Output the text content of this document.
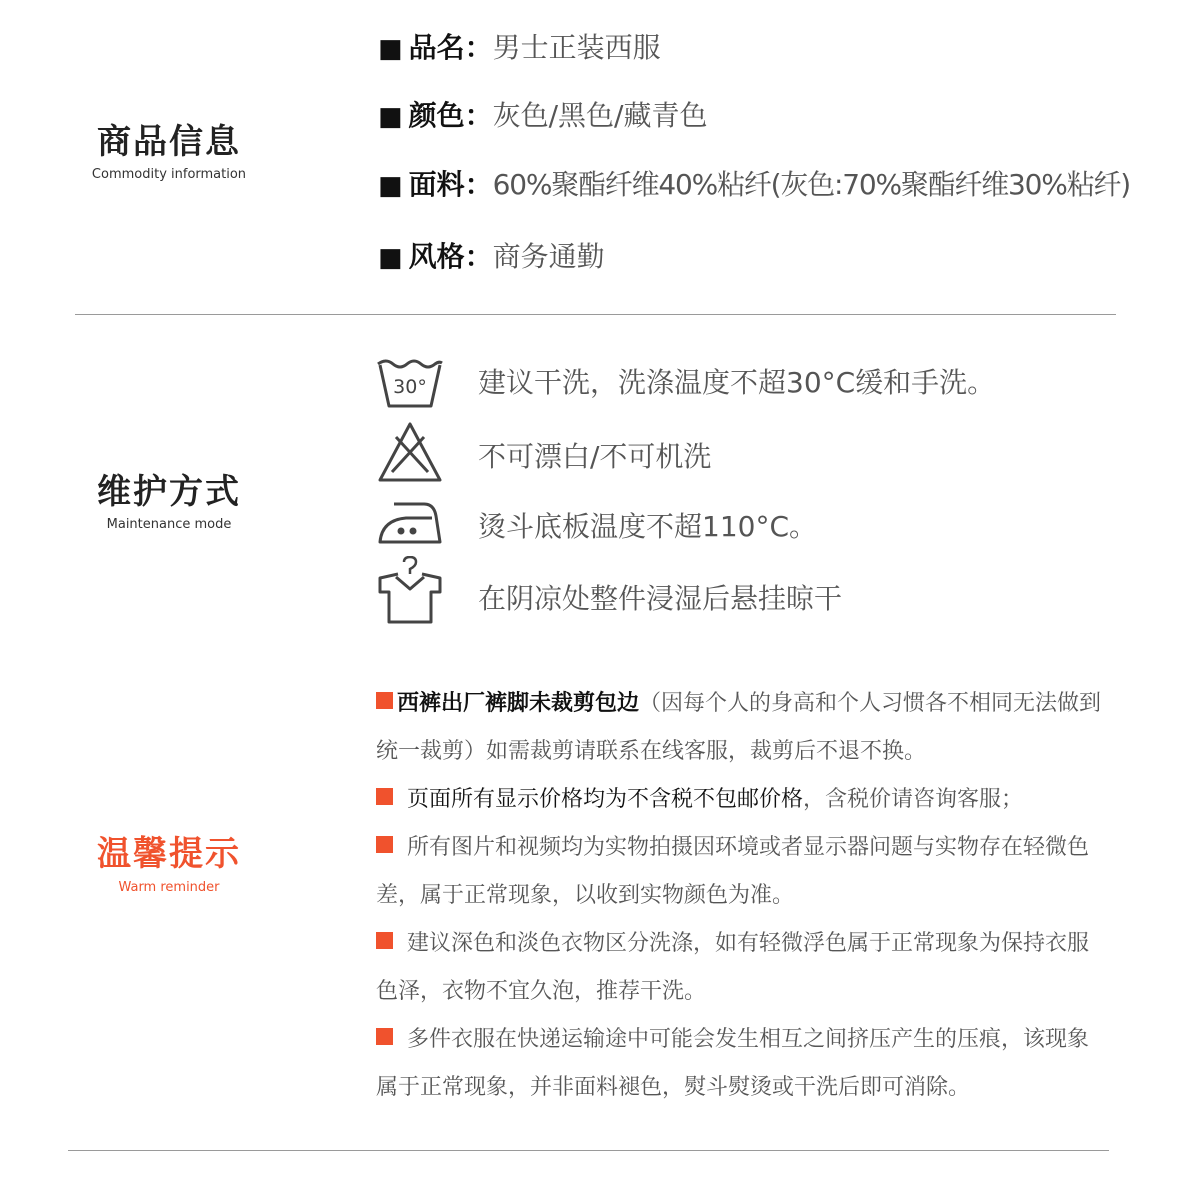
商品信息
Commodity information
■ 品名：男士正装西服
■ 颜色：灰色/黑色/藏青色
■ 面料：60%聚酯纤维40%粘纤(灰色:70%聚酯纤维30%粘纤)
■ 风格：商务通勤
维护方式
Maintenance mode
30° 建议干洗，洗涤温度不超30°C缓和手洗。
不可漂白/不可机洗
烫斗底板温度不超110°C。
在阴凉处整件浸湿后悬挂晾干
温馨提示
Warm reminder
西裤出厂裤脚未裁剪包边（因每个人的身高和个人习惯各不相同无法做到统一裁剪）如需裁剪请联系在线客服，裁剪后不退不换。
页面所有显示价格均为不含税不包邮价格，含税价请咨询客服；
所有图片和视频均为实物拍摄因环境或者显示器问题与实物存在轻微色差，属于正常现象，以收到实物颜色为准。
建议深色和淡色衣物区分洗涤，如有轻微浮色属于正常现象为保持衣服色泽，衣物不宜久泡，推荐干洗。
多件衣服在快递运输途中可能会发生相互之间挤压产生的压痕，该现象属于正常现象，并非面料褪色，熨斗熨烫或干洗后即可消除。
